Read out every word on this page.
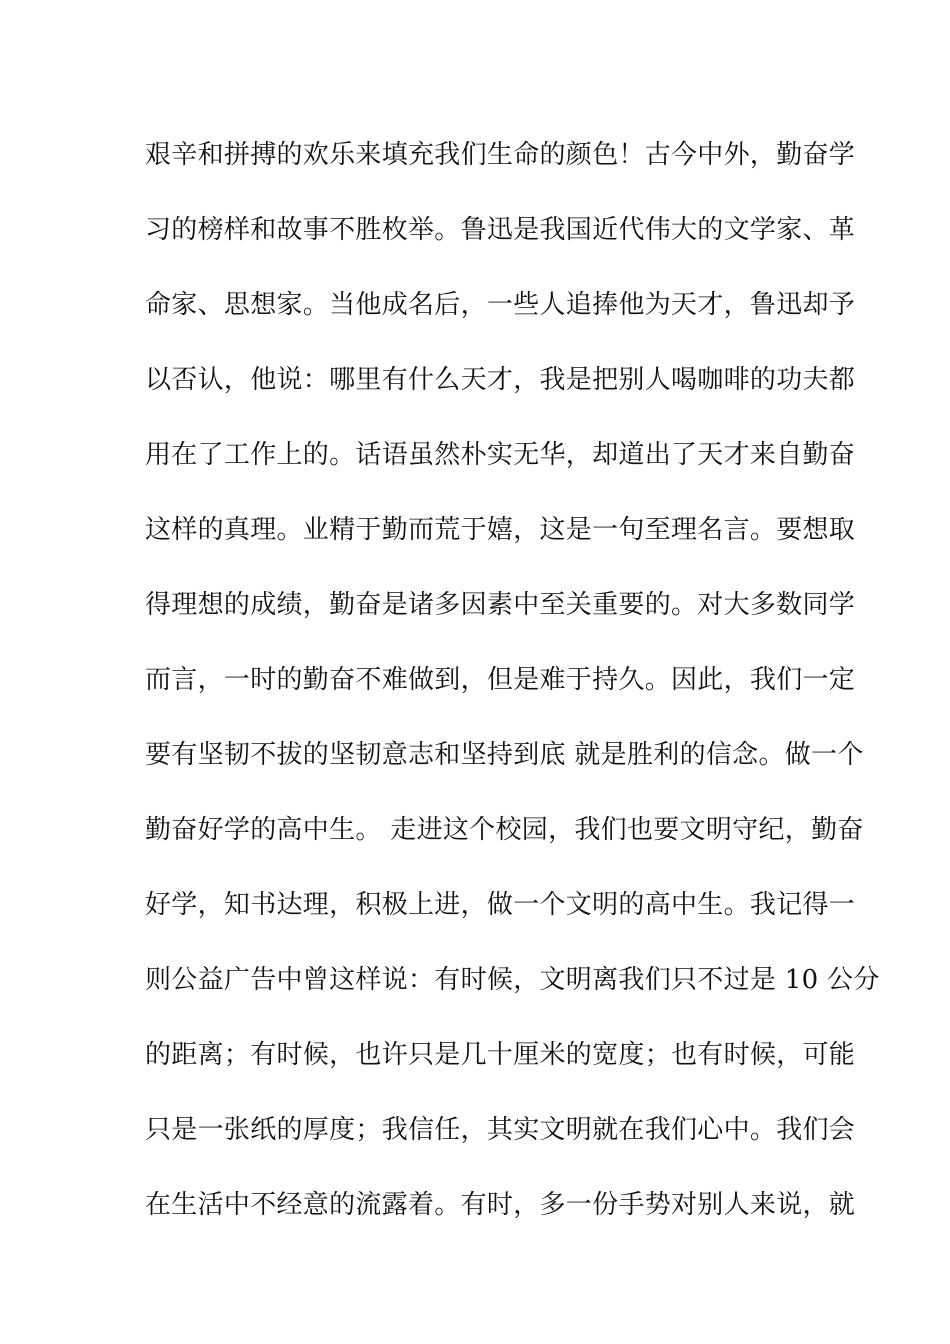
艰辛和拼搏的欢乐来填充我们生命的颜色！古今中外，勤奋学
习的榜样和故事不胜枚举。鲁迅是我国近代伟大的文学家、革
命家、思想家。当他成名后，一些人追捧他为天才，鲁迅却予
以否认，他说：哪里有什么天才，我是把别人喝咖啡的功夫都
用在了工作上的。话语虽然朴实无华，却道出了天才来自勤奋
这样的真理。业精于勤而荒于嬉，这是一句至理名言。要想取
得理想的成绩，勤奋是诸多因素中至关重要的。对大多数同学
而言，一时的勤奋不难做到，但是难于持久。因此，我们一定
要有坚韧不拔的坚韧意志和坚持到底 就是胜利的信念。做一个
勤奋好学的高中生。 走进这个校园，我们也要文明守纪，勤奋
好学，知书达理，积极上进，做一个文明的高中生。我记得一
则公益广告中曾这样说：有时候，文明离我们只不过是 10 公分
的距离；有时候，也许只是几十厘米的宽度；也有时候，可能
只是一张纸的厚度；我信任，其实文明就在我们心中。我们会
在生活中不经意的流露着。有时，多一份手势对别人来说，就
